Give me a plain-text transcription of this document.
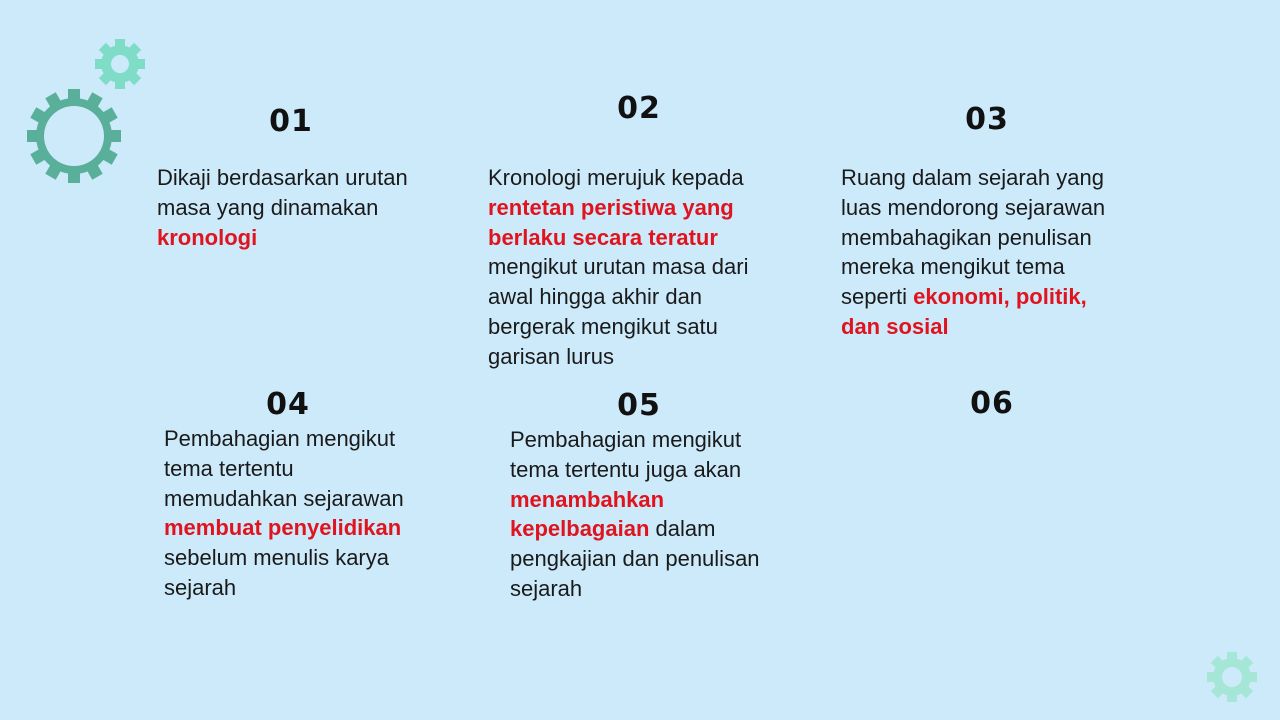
01
Dikaji berdasarkan urutan masa yang dinamakan kronologi
02
Kronologi merujuk kepada rentetan peristiwa yang berlaku secara teratur mengikut urutan masa dari awal hingga akhir dan bergerak mengikut satu garisan lurus
03
Ruang dalam sejarah yang luas mendorong sejarawan membahagikan penulisan mereka mengikut tema seperti ekonomi, politik, dan sosial
04
Pembahagian mengikut tema tertentu memudahkan sejarawan membuat penyelidikan sebelum menulis karya sejarah
05
Pembahagian mengikut tema tertentu juga akan menambahkan kepelbagaian dalam pengkajian dan penulisan sejarah
06
